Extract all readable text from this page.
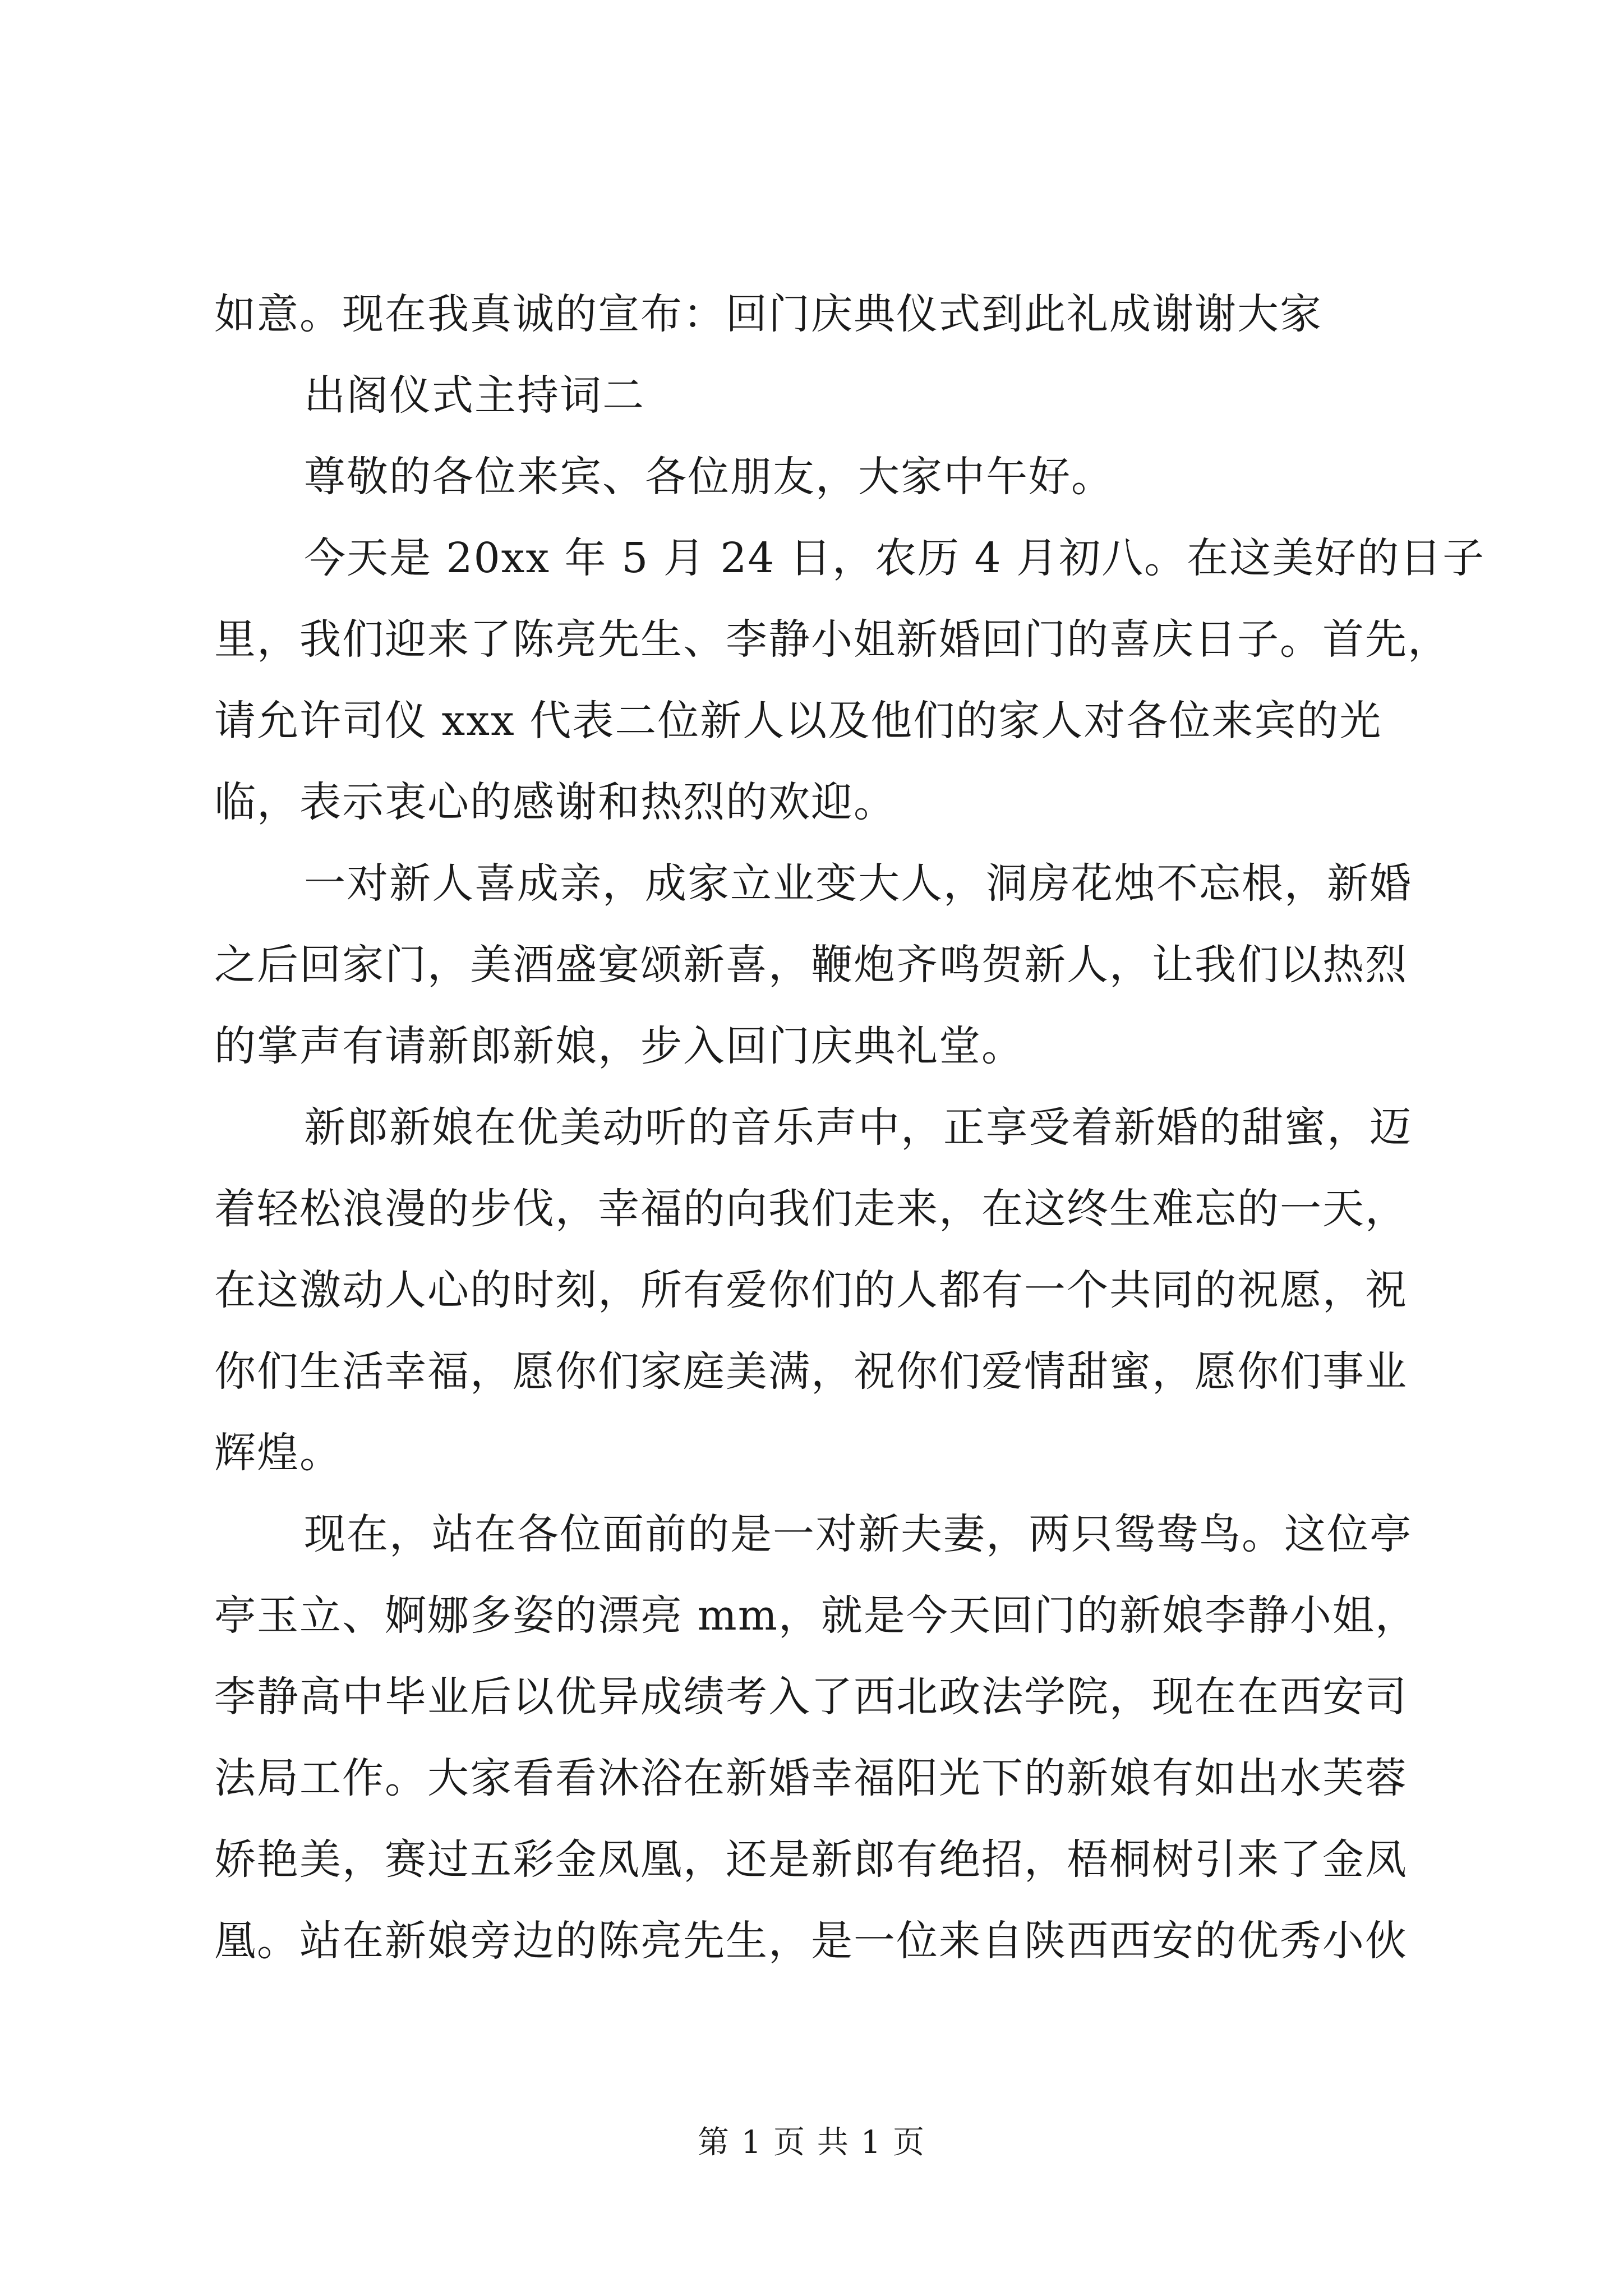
如意。现在我真诚的宣布：回门庆典仪式到此礼成谢谢大家
出阁仪式主持词二
尊敬的各位来宾、各位朋友，大家中午好。
今天是 20xx 年 5 月 24 日，农历 4 月初八。在这美好的日子
里，我们迎来了陈亮先生、李静小姐新婚回门的喜庆日子。首先，
请允许司仪 xxx 代表二位新人以及他们的家人对各位来宾的光
临，表示衷心的感谢和热烈的欢迎。
一对新人喜成亲，成家立业变大人，洞房花烛不忘根，新婚
之后回家门，美酒盛宴颂新喜，鞭炮齐鸣贺新人，让我们以热烈
的掌声有请新郎新娘，步入回门庆典礼堂。
新郎新娘在优美动听的音乐声中，正享受着新婚的甜蜜，迈
着轻松浪漫的步伐，幸福的向我们走来，在这终生难忘的一天，
在这激动人心的时刻，所有爱你们的人都有一个共同的祝愿，祝
你们生活幸福，愿你们家庭美满，祝你们爱情甜蜜，愿你们事业
辉煌。
现在，站在各位面前的是一对新夫妻，两只鸳鸯鸟。这位亭
亭玉立、婀娜多姿的漂亮 mm，就是今天回门的新娘李静小姐，
李静高中毕业后以优异成绩考入了西北政法学院，现在在西安司
法局工作。大家看看沐浴在新婚幸福阳光下的新娘有如出水芙蓉
娇艳美，赛过五彩金凤凰，还是新郎有绝招，梧桐树引来了金凤
凰。站在新娘旁边的陈亮先生，是一位来自陕西西安的优秀小伙
第 1 页 共 1 页
